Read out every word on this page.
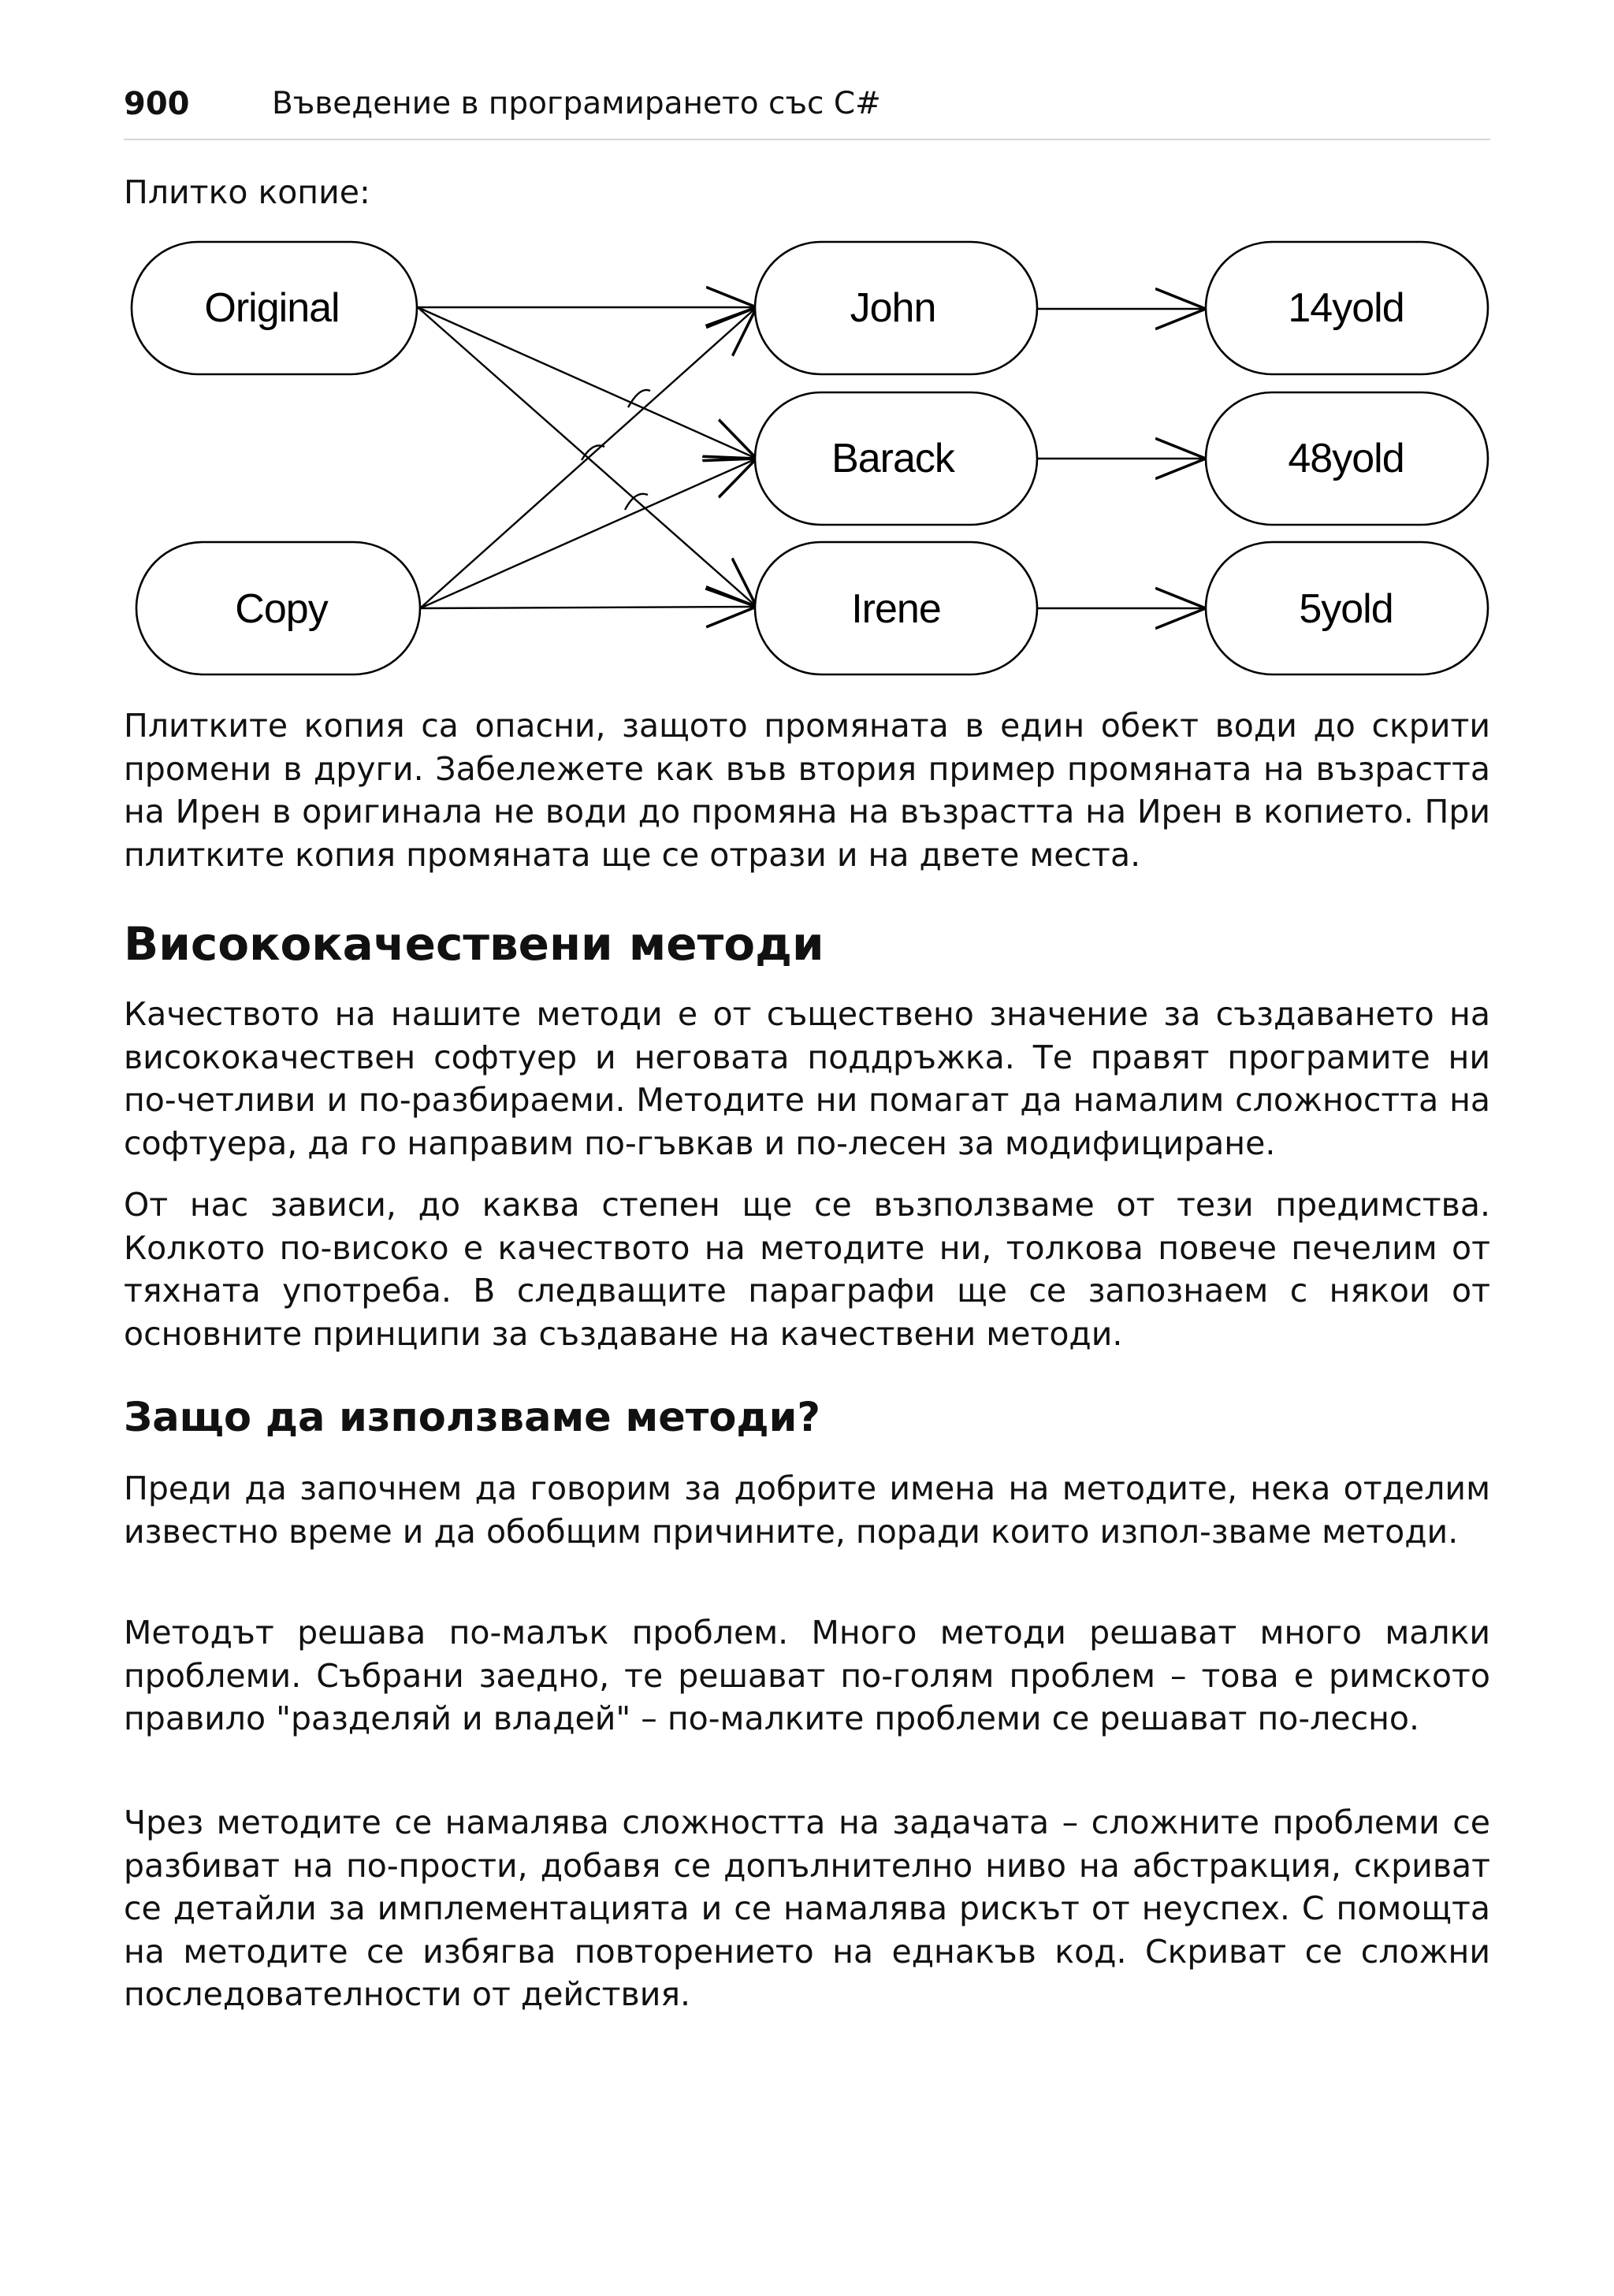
900	Въведение в програмирането със C#
Плитко копие:
Original
Copy
John
Barack
Irene
14yold
48yold
5yold

Плитките копия са опасни, защото промяната в един обект води до скрити промени в други. Забележете как във втория пример промяната на възрастта на Ирен в оригинала не води до промяна на възрастта на Ирен в копието. При плитките копия промяната ще се отрази и на двете места.

Висококачествени методи

Качеството на нашите методи е от съществено значение за създаването на висококачествен софтуер и неговата поддръжка. Те правят програмите ни по-четливи и по-разбираеми. Методите ни помагат да намалим сложността на софтуера, да го направим по-гъвкав и по-лесен за модифициране.

От нас зависи, до каква степен ще се възползваме от тези предимства. Колкото по-високо е качеството на методите ни, толкова повече печелим от тяхната употреба. В следващите параграфи ще се запознаем с някои от основните принципи за създаване на качествени методи.

Защо да използваме методи?

Преди да започнем да говорим за добрите имена на методите, нека отделим известно време и да обобщим причините, поради които изпол-зваме методи.

Методът решава по-малък проблем. Много методи решават много малки проблеми. Събрани заедно, те решават по-голям проблем – това е римското правило "разделяй и владей" – по-малките проблеми се решават по-лесно.

Чрез методите се намалява сложността на задачата – сложните проблеми се разбиват на по-прости, добавя се допълнително ниво на абстракция, скриват се детайли за имплементацията и се намалява рискът от неуспех. С помощта на методите се избягва повторението на еднакъв код. Скриват се сложни последователности от действия.
